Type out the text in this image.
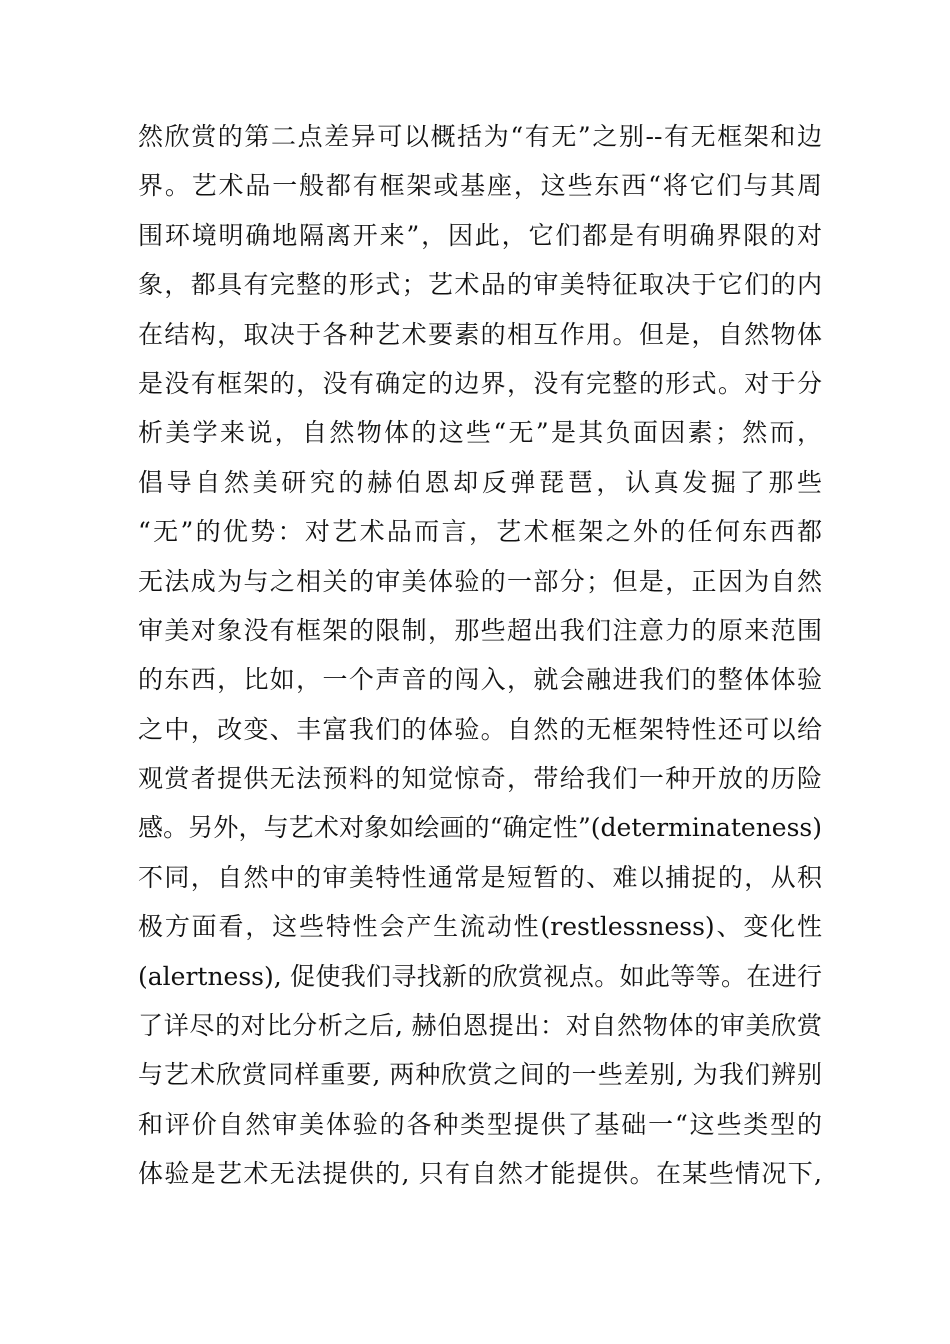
然欣赏的第二点差异可以概括为“有无”之别--有无框架和边
界。艺术品一般都有框架或基座，这些东西“将它们与其周
围环境明确地隔离开来”，因此，它们都是有明确界限的对
象，都具有完整的形式；艺术品的审美特征取决于它们的内
在结构，取决于各种艺术要素的相互作用。但是，自然物体
是没有框架的，没有确定的边界，没有完整的形式。对于分
析美学来说，自然物体的这些“无”是其负面因素；然而，
倡导自然美研究的赫伯恩却反弹琵琶，认真发掘了那些
“无”的优势：对艺术品而言，艺术框架之外的任何东西都
无法成为与之相关的审美体验的一部分；但是，正因为自然
审美对象没有框架的限制，那些超出我们注意力的原来范围
的东西，比如，一个声音的闯入，就会融进我们的整体体验
之中，改变、丰富我们的体验。自然的无框架特性还可以给
观赏者提供无法预料的知觉惊奇，带给我们一种开放的历险
感。另外，与艺术对象如绘画的“确定性”(determinateness)
不同，自然中的审美特性通常是短暂的、难以捕捉的，从积
极方面看，这些特性会产生流动性(restlessness)、变化性
(alertness), 促使我们寻找新的欣赏视点。如此等等。在进行
了详尽的对比分析之后, 赫伯恩提出：对自然物体的审美欣赏
与艺术欣赏同样重要, 两种欣赏之间的一些差别, 为我们辨别
和评价自然审美体验的各种类型提供了基础一“这些类型的
体验是艺术无法提供的, 只有自然才能提供。在某些情况下,
